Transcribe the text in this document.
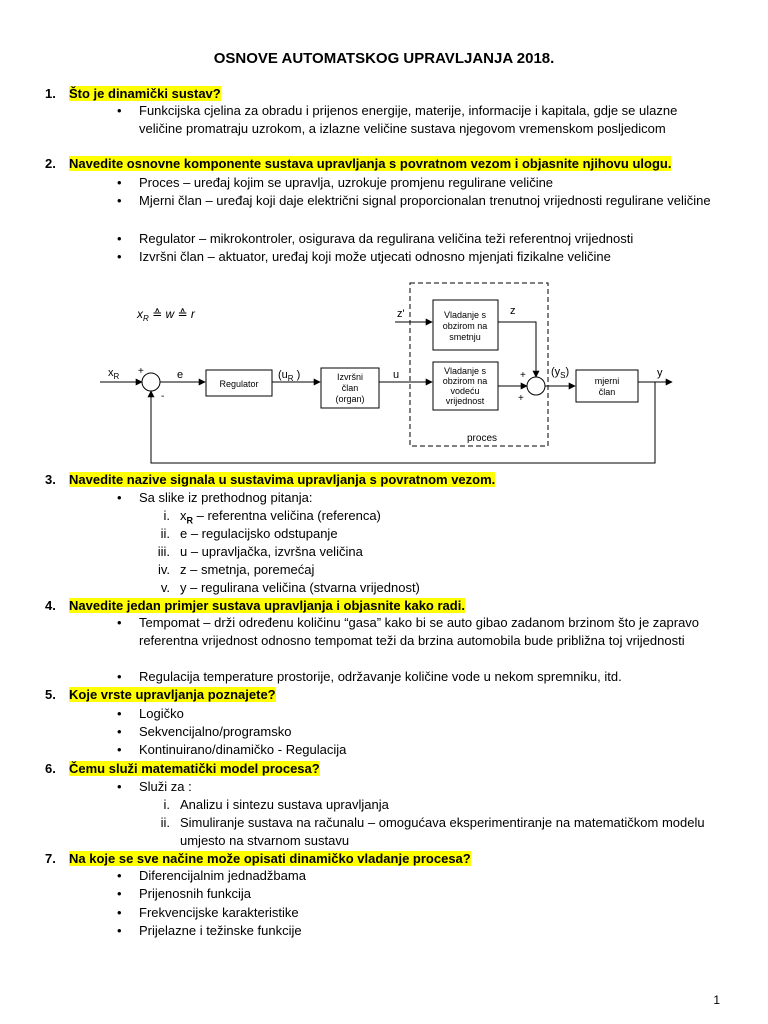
OSNOVE AUTOMATSKOG UPRAVLJANJA 2018.
1. Što je dinamički sustav?
• Funkcijska cjelina za obradu i prijenos energije, materije, informacije i kapitala, gdje se ulazne veličine promatraju uzrokom, a izlazne veličine sustava njegovom vremenskom posljedicom
2. Navedite osnovne komponente sustava upravljanja s povratnom vezom i objasnite njihovu ulogu.
• Proces – uređaj kojim se upravlja, uzrokuje promjenu regulirane veličine
• Mjerni član – uređaj koji daje električni signal proporcionalan trenutnoj vrijednosti regulirane veličine
• Regulator – mikrokontroler, osigurava da regulirana veličina teži referentnoj vrijednosti
• Izvršni član – aktuator, uređaj koji može utjecati odnosno mjenjati fizikalne veličine
$x_R$ ≙ w ≙ r
proces
$x_R$ +
-
e
Regulator
($u_R$ )	Izvršni
član
(organ)
u
z'	Vladanje s
obzirom na
smetnju
Vladanje s
obzirom na
vodeću
vrijednost
z
+
+
$(y_S)$
mjerni
član
y
3. Navedite nazive signala u sustavima upravljanja s povratnom vezom.
• Sa slike iz prethodnog pitanja:
i. $x_R$ – referentna veličina (referenca)
ii. e – regulacijsko odstupanje
iii. u – upravljačka, izvršna veličina
iv. z – smetnja, poremećaj
v. y – regulirana veličina (stvarna vrijednost)
4. Navedite jedan primjer sustava upravljanja i objasnite kako radi.
• Tempomat – drži određenu količinu “gasa” kako bi se auto gibao zadanom brzinom što je zapravo referentna vrijednost odnosno tempomat teži da brzina automobila bude približna toj vrijednosti
• Regulacija temperature prostorije, održavanje količine vode u nekom spremniku, itd.
5. Koje vrste upravljanja poznajete?
• Logičko
• Sekvencijalno/programsko
• Kontinuirano/dinamičko - Regulacija
6. Čemu služi matematički model procesa?
• Služi za :
i. Analizu i sintezu sustava upravljanja
ii. Simuliranje sustava na računalu – omogućava eksperimentiranje na matematičkom modelu umjesto na stvarnom sustavu
7. Na koje se sve načine može opisati dinamičko vladanje procesa?
• Diferencijalnim jednadžbama
• Prijenosnih funkcija
• Frekvencijske karakteristike
• Prijelazne i težinske funkcije
1
